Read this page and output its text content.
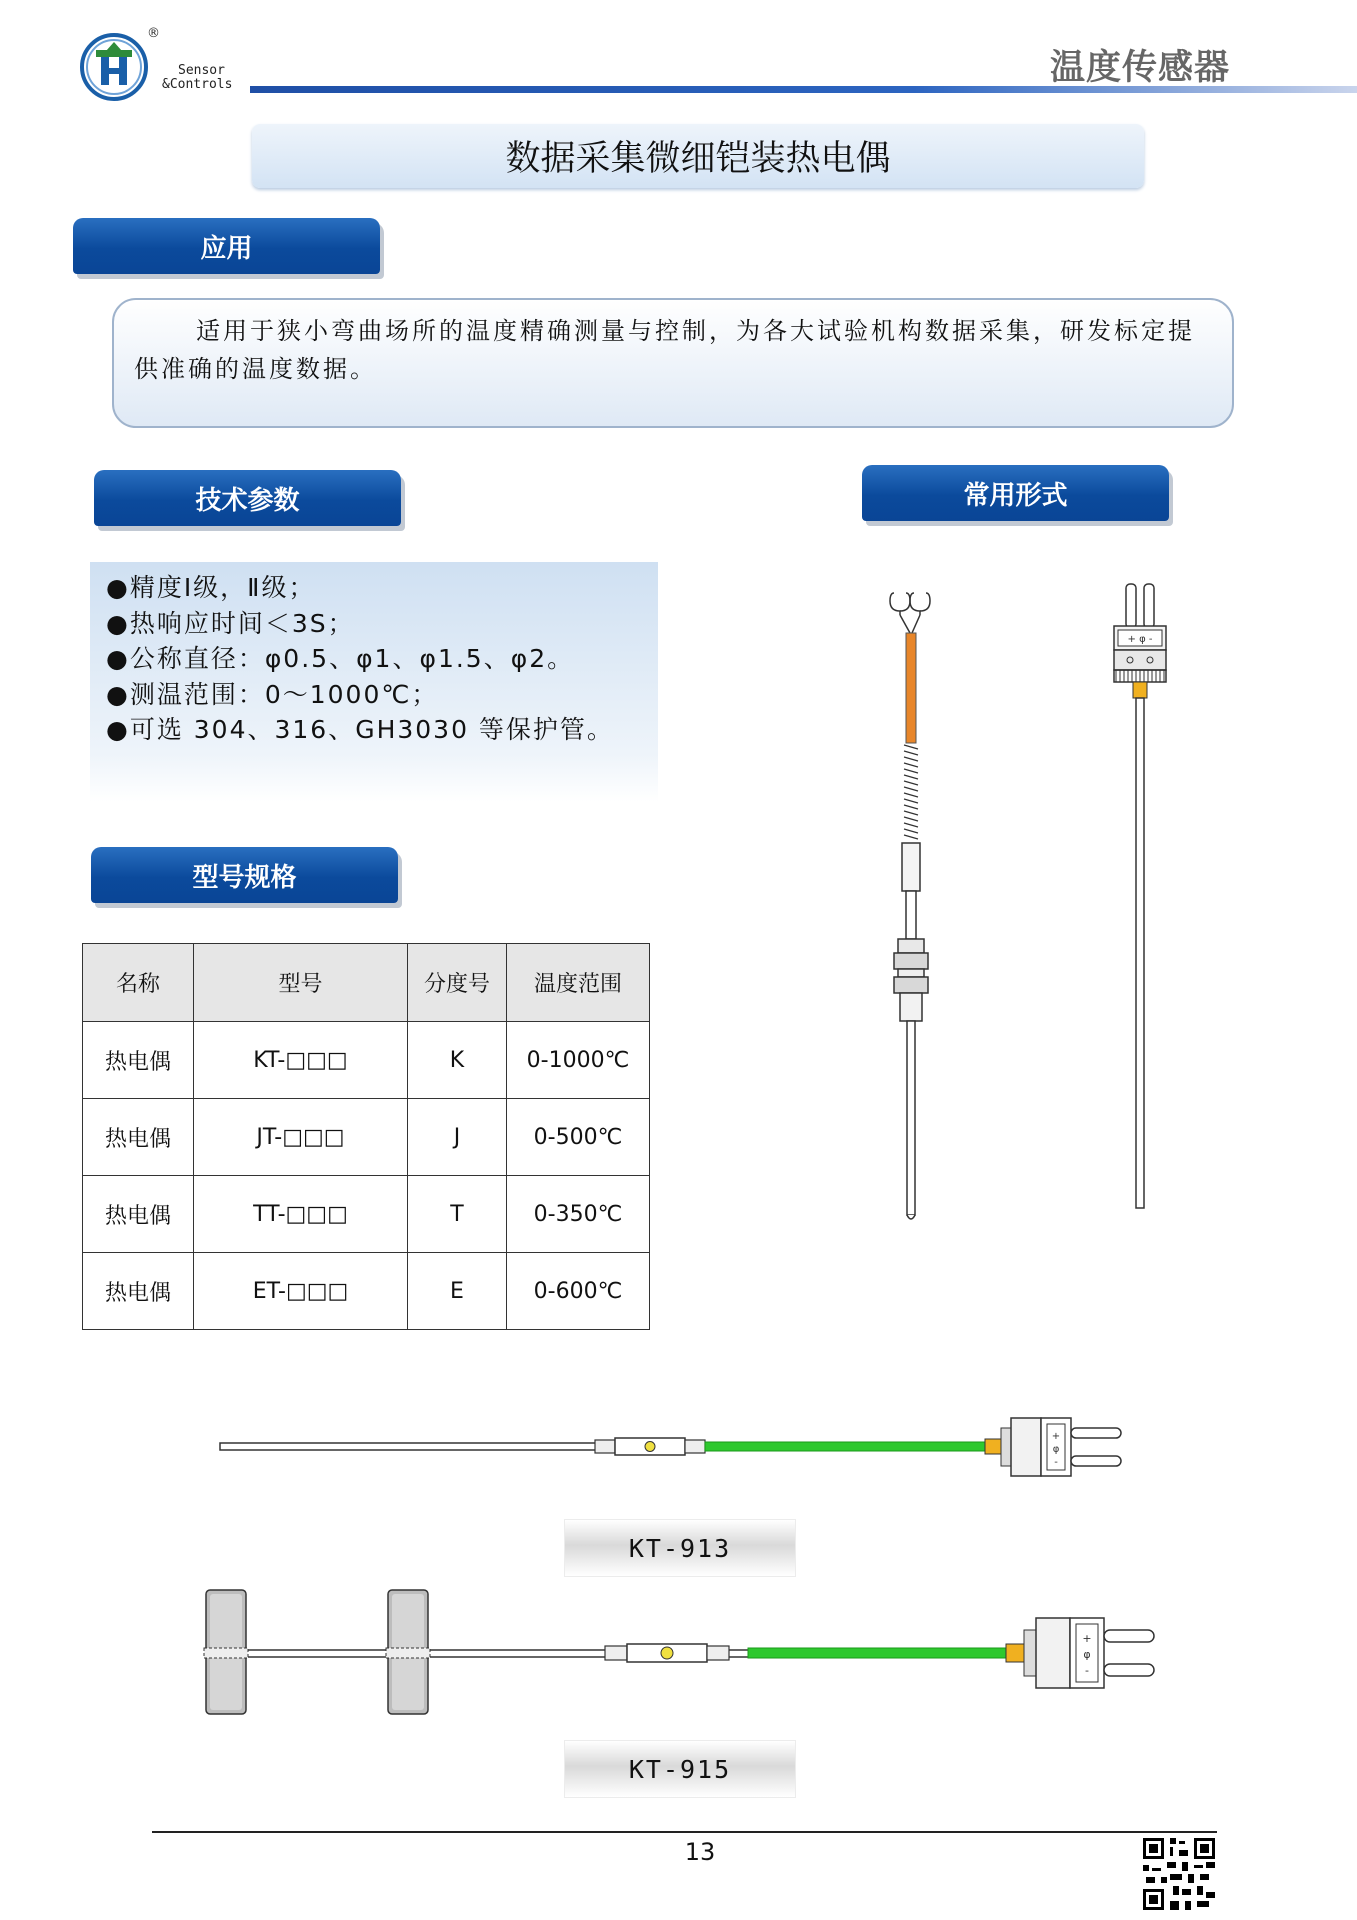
®
Sensor
&Controls	温度传感器
数据采集微细铠装热电偶
应用
适用于狭小弯曲场所的温度精确测量与控制，为各大试验机构数据采集，研发标定提供准确的温度数据。
技术参数
●精度Ⅰ级，Ⅱ级；
●热响应时间＜3S；
●公称直径：φ0.5、φ1、φ1.5、φ2。
●测温范围：0～1000℃；
●可选 304、316、GH3030 等保护管。
常用形式
+ φ -
型号规格
名称	型号	分度号	温度范围
热电偶	KT-□□□	K	0-1000℃
热电偶	JT-□□□	J	0-500℃
热电偶	TT-□□□	T	0-350℃
热电偶	ET-□□□	E	0-600℃
+
φ
-
KT-913
+
φ
-
KT-915
13
